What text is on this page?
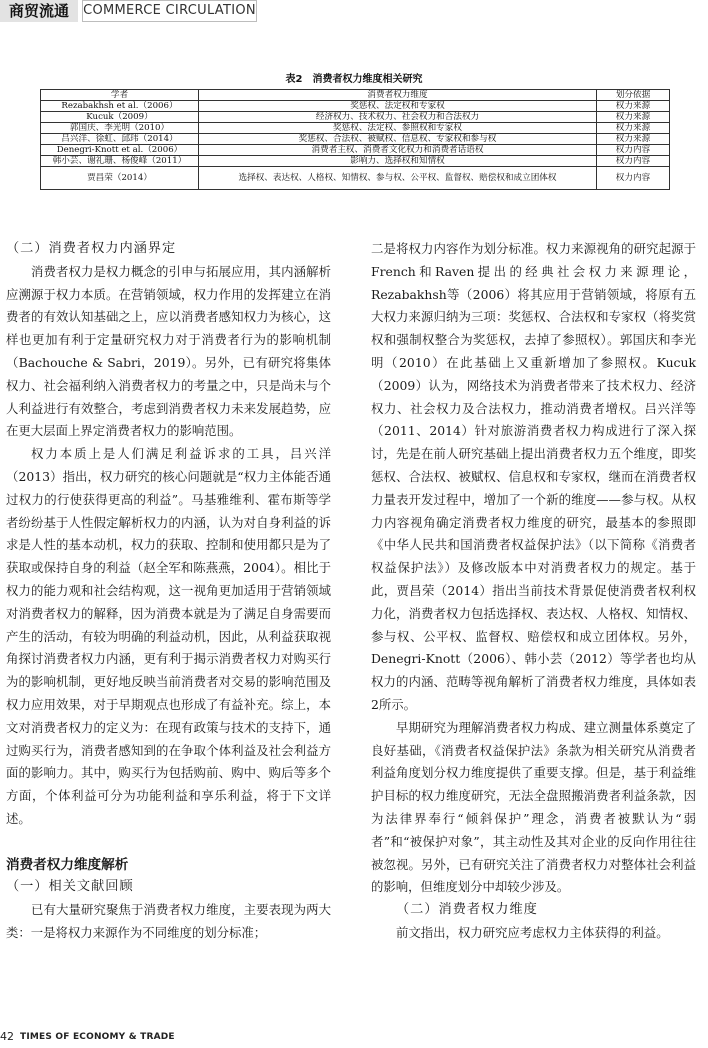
商贸流通	COMMERCE CIRCULATION
表2　消费者权力维度相关研究
学者	消费者权力维度	划分依据
Rezabakhsh et al.（2006）	奖惩权、法定权和专家权	权力来源
Kucuk（2009）	经济权力、技术权力、社会权力和合法权力	权力来源
郭国庆、李光明（2010）	奖惩权、法定权、参照权和专家权	权力来源
吕兴洋、徐虹、邱玮（2014）	奖惩权、合法权、被赋权、信息权、专家权和参与权	权力来源
Denegri-Knott et al.（2006）	消费者主权、消费者文化权力和消费者话语权	权力内容
韩小芸、谢礼珊、杨俊峰（2011）	影响力、选择权和知情权	权力内容
贾昌荣（2014）	选择权、表达权、人格权、知情权、参与权、公平权、监督权、赔偿权和成立团体权	权力内容

（二）消费者权力内涵界定

消费者权力是权力概念的引申与拓展应用，其内涵解析应溯源于权力本质。在营销领域，权力作用的发挥建立在消费者的有效认知基础之上，应以消费者感知权力为核心，这样也更加有利于定量研究权力对于消费者行为的影响机制（Bachouche & Sabri，2019）。另外，已有研究将集体权力、社会福利纳入消费者权力的考量之中，只是尚未与个人利益进行有效整合，考虑到消费者权力未来发展趋势，应在更大层面上界定消费者权力的影响范围。

权力本质上是人们满足利益诉求的工具，吕兴洋（2013）指出，权力研究的核心问题就是“权力主体能否通过权力的行使获得更高的利益”。马基雅维利、霍布斯等学者纷纷基于人性假定解析权力的内涵，认为对自身利益的诉求是人性的基本动机，权力的获取、控制和使用都只是为了获取或保持自身的利益（赵全军和陈燕燕，2004）。相比于权力的能力观和社会结构观，这一视角更加适用于营销领域对消费者权力的解释，因为消费本就是为了满足自身需要而产生的活动，有较为明确的利益动机，因此，从利益获取视角探讨消费者权力内涵，更有利于揭示消费者权力对购买行为的影响机制，更好地反映当前消费者对交易的影响范围及权力应用效果，对于早期观点也形成了有益补充。综上，本文对消费者权力的定义为：在现有政策与技术的支持下，通过购买行为，消费者感知到的在争取个体利益及社会利益方面的影响力。其中，购买行为包括购前、购中、购后等多个方面，个体利益可分为功能利益和享乐利益，将于下文详述。

消费者权力维度解析

（一）相关文献回顾

已有大量研究聚焦于消费者权力维度，主要表现为两大类：一是将权力来源作为不同维度的划分标准；

二是将权力内容作为划分标准。权力来源视角的研究起源于French和Raven提出的经典社会权力来源理论，Rezabakhsh等（2006）将其应用于营销领域，将原有五大权力来源归纳为三项：奖惩权、合法权和专家权（将奖赏权和强制权整合为奖惩权，去掉了参照权）。郭国庆和李光明（2010）在此基础上又重新增加了参照权。Kucuk（2009）认为，网络技术为消费者带来了技术权力、经济权力、社会权力及合法权力，推动消费者增权。吕兴洋等（2011、2014）针对旅游消费者权力构成进行了深入探讨，先是在前人研究基础上提出消费者权力五个维度，即奖惩权、合法权、被赋权、信息权和专家权，继而在消费者权力量表开发过程中，增加了一个新的维度——参与权。从权力内容视角确定消费者权力维度的研究，最基本的参照即《中华人民共和国消费者权益保护法》（以下简称《消费者权益保护法》）及修改版本中对消费者权力的规定。基于此，贾昌荣（2014）指出当前技术背景促使消费者权利权力化，消费者权力包括选择权、表达权、人格权、知情权、参与权、公平权、监督权、赔偿权和成立团体权。另外，Denegri-Knott（2006）、韩小芸（2012）等学者也均从权力的内涵、范畴等视角解析了消费者权力维度，具体如表2所示。

早期研究为理解消费者权力构成、建立测量体系奠定了良好基础，《消费者权益保护法》条款为相关研究从消费者利益角度划分权力维度提供了重要支撑。但是，基于利益维护目标的权力维度研究，无法全盘照搬消费者利益条款，因为法律界奉行“倾斜保护”理念，消费者被默认为“弱者”和“被保护对象”，其主动性及其对企业的反向作用往往被忽视。另外，已有研究关注了消费者权力对整体社会利益的影响，但维度划分中却较少涉及。

（二）消费者权力维度

前文指出，权力研究应考虑权力主体获得的利益。

42 TIMES OF ECONOMY & TRADE
